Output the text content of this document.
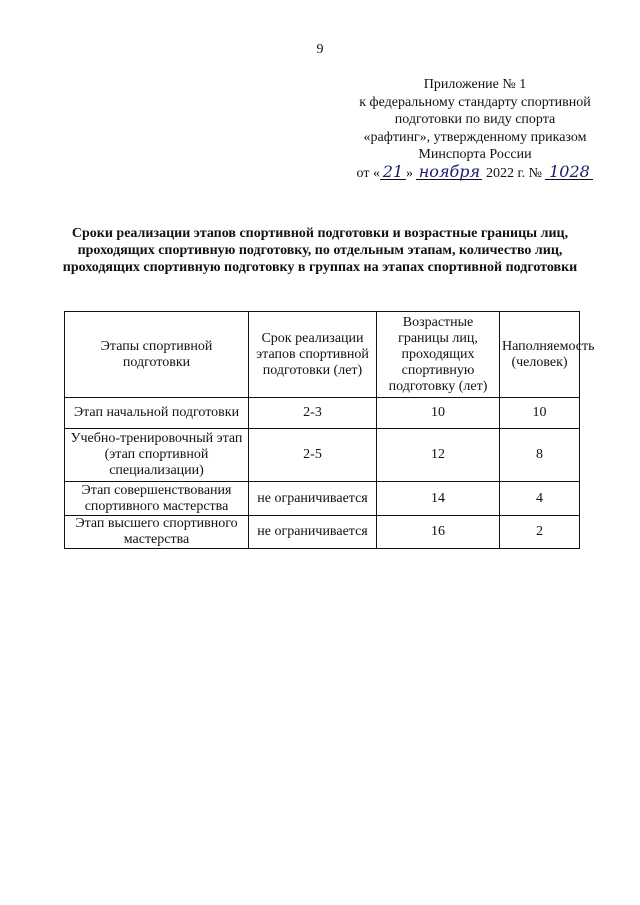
9
Приложение № 1
к федеральному стандарту спортивной
подготовки по виду спорта
«рафтинг», утвержденному приказом
Минспорта России
от « 21 » ноября 2022 г. № 1028
Сроки реализации этапов спортивной подготовки и возрастные границы лиц, проходящих спортивную подготовку, по отдельным этапам, количество лиц, проходящих спортивную подготовку в группах на этапах спортивной подготовки
Этапы спортивной подготовки	Срок реализации этапов спортивной подготовки (лет)	Возрастные границы лиц, проходящих спортивную подготовку (лет)	Наполняемость (человек)
Этап начальной подготовки	2-3	10	10
Учебно-тренировочный этап (этап спортивной специализации)	2-5	12	8
Этап совершенствования спортивного мастерства	не ограничивается	14	4
Этап высшего спортивного мастерства	не ограничивается	16	2
